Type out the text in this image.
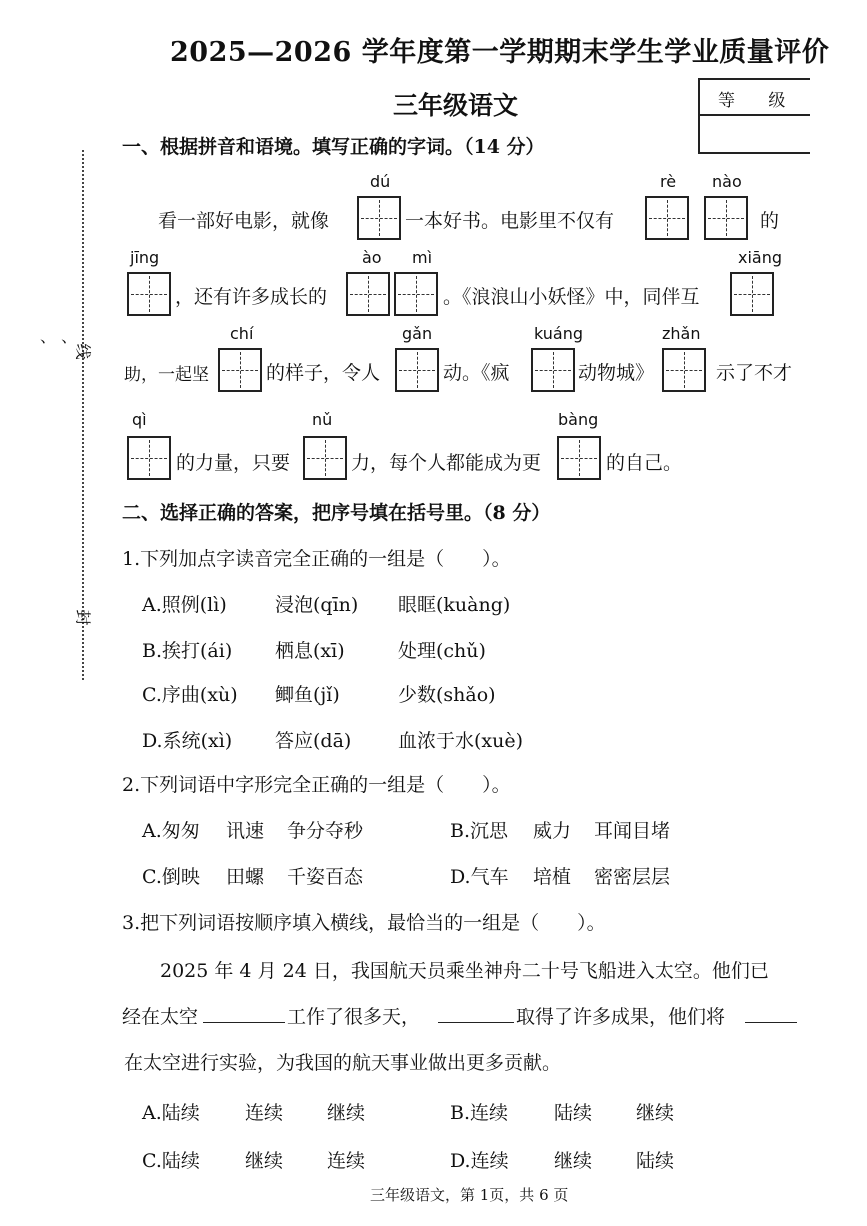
、 、
线
封
2025—2026 学年度第一学期期末学生学业质量评价
三年级语文	等 级
一、根据拼音和语境。填写正确的字词。（14 分）
dú	rè nào
看一部好电影，就像	一本好书。电影里不仅有	的
jīng	ào mì	xiāng
，还有许多成长的	。《浪浪山小妖怪》中，同伴互
chí	gǎn	kuáng	zhǎn
助，一起坚	的样子，令人	动。《疯	动物城》	示了不才
qì	nǔ	bàng
的力量，只要	力，每个人都能成为更	的自己。
二、选择正确的答案，把序号填在括号里。（8 分）
1.下列加点字读音完全正确的一组是（　　）。
A.照例(lì)	浸泡(qīn) 眼眶(kuàng)
B.挨打(ái) 栖息(xī)	处理(chǔ)
C.序曲(xù) 鲫鱼(jǐ)	少数(shǎo)
D.系统(xì) 答应(dā) 血浓于水(xuè)
2.下列词语中字形完全正确的一组是（　　）。
A.匆匆 讯速 争分夺秒	B.沉思 威力 耳闻目堵
C.倒映 田螺 千姿百态	D.气车 培植 密密层层
3.把下列词语按顺序填入横线，最恰当的一组是（　　）。
2025 年 4 月 24 日，我国航天员乘坐神舟二十号飞船进入太空。他们已
经在太空	工作了很多天，	取得了许多成果，他们将
在太空进行实验，为我国的航天事业做出更多贡献。
A.陆续 连续 继续	B.连续 陆续 继续
C.陆续 继续 连续	D.连续 继续 陆续
三年级语文，第 1页，共 6 页
